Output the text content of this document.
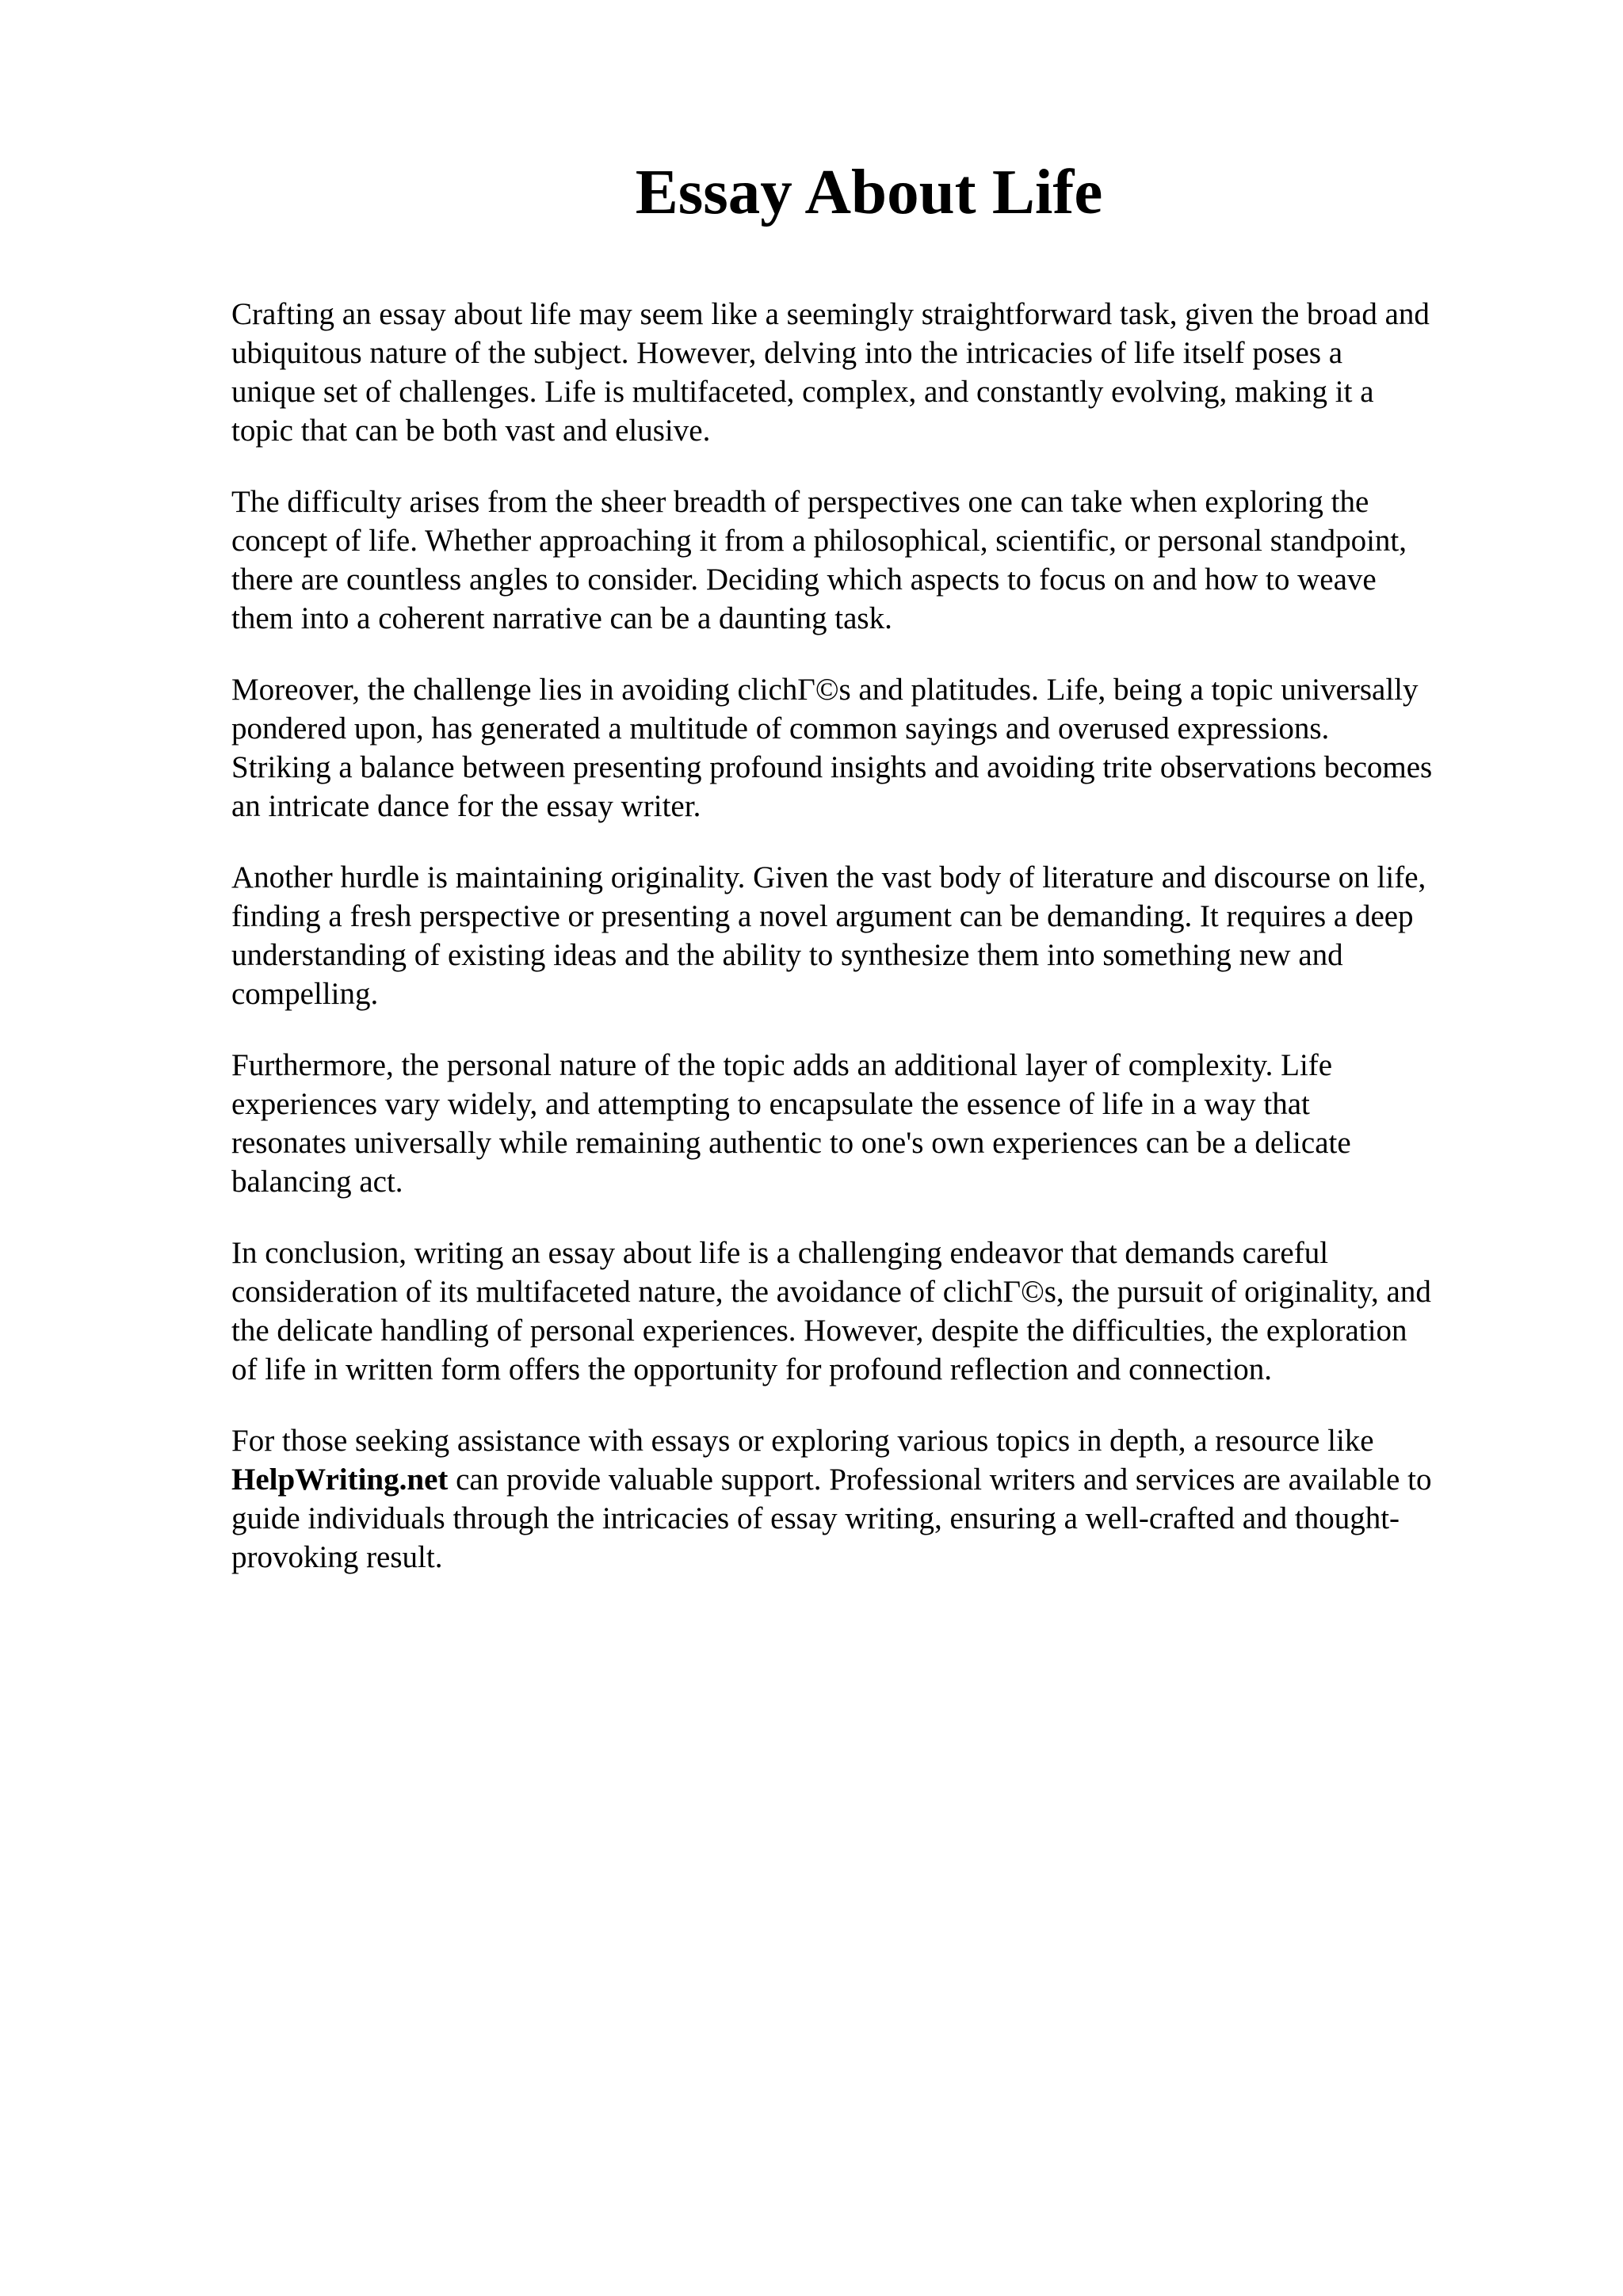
Essay About Life

Crafting an essay about life may seem like a seemingly straightforward task, given the broad and
ubiquitous nature of the subject. However, delving into the intricacies of life itself poses a
unique set of challenges. Life is multifaceted, complex, and constantly evolving, making it a
topic that can be both vast and elusive.

The difficulty arises from the sheer breadth of perspectives one can take when exploring the
concept of life. Whether approaching it from a philosophical, scientific, or personal standpoint,
there are countless angles to consider. Deciding which aspects to focus on and how to weave
them into a coherent narrative can be a daunting task.

Moreover, the challenge lies in avoiding clichΓ©s and platitudes. Life, being a topic universally
pondered upon, has generated a multitude of common sayings and overused expressions.
Striking a balance between presenting profound insights and avoiding trite observations becomes
an intricate dance for the essay writer.

Another hurdle is maintaining originality. Given the vast body of literature and discourse on life,
finding a fresh perspective or presenting a novel argument can be demanding. It requires a deep
understanding of existing ideas and the ability to synthesize them into something new and
compelling.

Furthermore, the personal nature of the topic adds an additional layer of complexity. Life
experiences vary widely, and attempting to encapsulate the essence of life in a way that
resonates universally while remaining authentic to one's own experiences can be a delicate
balancing act.

In conclusion, writing an essay about life is a challenging endeavor that demands careful
consideration of its multifaceted nature, the avoidance of clichΓ©s, the pursuit of originality, and
the delicate handling of personal experiences. However, despite the difficulties, the exploration
of life in written form offers the opportunity for profound reflection and connection.

For those seeking assistance with essays or exploring various topics in depth, a resource like
HelpWriting.net can provide valuable support. Professional writers and services are available to
guide individuals through the intricacies of essay writing, ensuring a well-crafted and thought-
provoking result.
